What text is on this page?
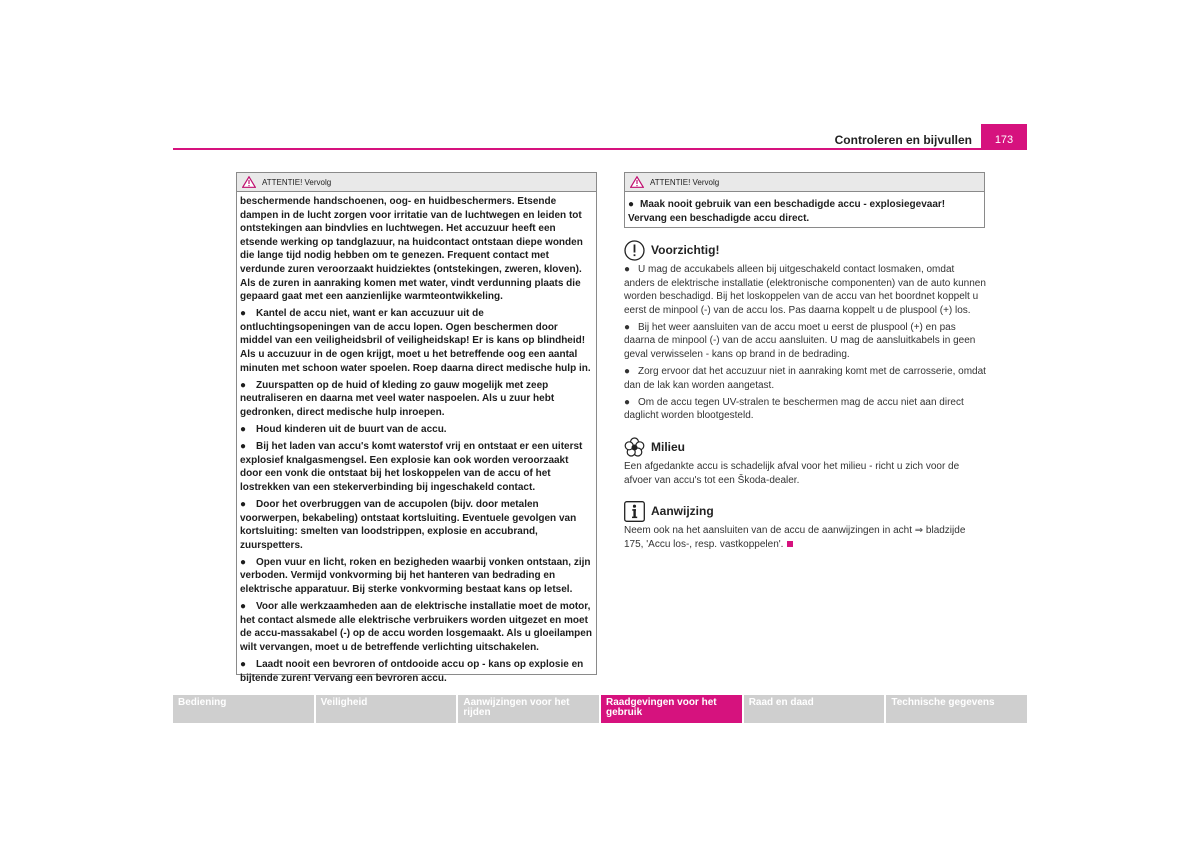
Controleren en bijvullen	173
ATTENTIE! Vervolg

beschermende handschoenen, oog- en huidbeschermers. Etsende dampen in de lucht zorgen voor irritatie van de luchtwegen en leiden tot ontstekingen aan bindvlies en luchtwegen. Het accuzuur heeft een etsende werking op tandglazuur, na huidcontact ontstaan diepe wonden die lange tijd nodig hebben om te genezen. Frequent contact met verdunde zuren veroorzaakt huidziektes (ontstekingen, zweren, kloven). Als de zuren in aanraking komen met water, vindt verdunning plaats die gepaard gaat met een aanzienlijke warmteontwikkeling.

● Kantel de accu niet, want er kan accuzuur uit de ontluchtingsopeningen van de accu lopen. Ogen beschermen door middel van een veiligheidsbril of veiligheidskap! Er is kans op blindheid! Als u accuzuur in de ogen krijgt, moet u het betreffende oog een aantal minuten met schoon water spoelen. Roep daarna direct medische hulp in.

● Zuurspatten op de huid of kleding zo gauw mogelijk met zeep neutraliseren en daarna met veel water naspoelen. Als u zuur hebt gedronken, direct medische hulp inroepen.

● Houd kinderen uit de buurt van de accu.

● Bij het laden van accu's komt waterstof vrij en ontstaat er een uiterst explosief knalgasmengsel. Een explosie kan ook worden veroorzaakt door een vonk die ontstaat bij het loskoppelen van de accu of het lostrekken van een stekerverbinding bij ingeschakeld contact.

● Door het overbruggen van de accupolen (bijv. door metalen voorwerpen, bekabeling) ontstaat kortsluiting. Eventuele gevolgen van kortsluiting: smelten van loodstrippen, explosie en accubrand, zuurspetters.

● Open vuur en licht, roken en bezigheden waarbij vonken ontstaan, zijn verboden. Vermijd vonkvorming bij het hanteren van bedrading en elektrische apparatuur. Bij sterke vonkvorming bestaat kans op letsel.

● Voor alle werkzaamheden aan de elektrische installatie moet de motor, het contact alsmede alle elektrische verbruikers worden uitgezet en moet de accu-massakabel (-) op de accu worden losgemaakt. Als u gloeilampen wilt vervangen, moet u de betreffende verlichting uitschakelen.

● Laadt nooit een bevroren of ontdooide accu op - kans op explosie en bijtende zuren! Vervang een bevroren accu.

ATTENTIE! Vervolg

● Maak nooit gebruik van een beschadigde accu - explosiegevaar! Vervang een beschadigde accu direct.

Voorzichtig!

● U mag de accukabels alleen bij uitgeschakeld contact losmaken, omdat anders de elektrische installatie (elektronische componenten) van de auto kunnen worden beschadigd. Bij het loskoppelen van de accu van het boordnet koppelt u eerst de minpool (-) van de accu los. Pas daarna koppelt u de pluspool (+) los.

● Bij het weer aansluiten van de accu moet u eerst de pluspool (+) en pas daarna de minpool (-) van de accu aansluiten. U mag de aansluitkabels in geen geval verwisselen - kans op brand in de bedrading.

● Zorg ervoor dat het accuzuur niet in aanraking komt met de carrosserie, omdat dan de lak kan worden aangetast.

● Om de accu tegen UV-stralen te beschermen mag de accu niet aan direct daglicht worden blootgesteld.

Milieu

Een afgedankte accu is schadelijk afval voor het milieu - richt u zich voor de afvoer van accu's tot een Škoda-dealer.

Aanwijzing

Neem ook na het aansluiten van de accu de aanwijzingen in acht ⇒ bladzijde 175, 'Accu los-, resp. vastkoppelen'.

Bediening	Veiligheid	Aanwijzingen voor het rijden
Raadgevingen voor het gebruik
Raad en daad	Technische gegevens
